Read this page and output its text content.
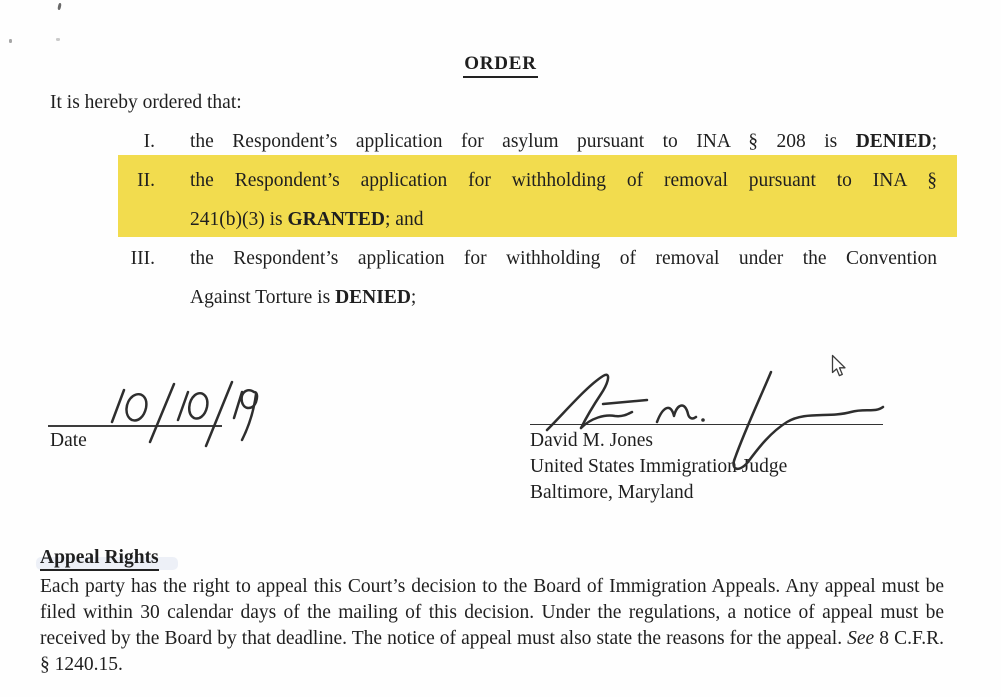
ORDER
It is hereby ordered that:
I. the Respondent’s application for asylum pursuant to INA § 208 is DENIED;
II. the Respondent’s application for withholding of removal pursuant to INA §
241(b)(3) is GRANTED; and
III. the Respondent’s application for withholding of removal under the Convention
Against Torture is DENIED;
Date	David M. Jones
United States Immigration Judge
Baltimore, Maryland
Appeal Rights
Each party has the right to appeal this Court’s decision to the Board of Immigration Appeals. Any appeal must be filed within 30 calendar days of the mailing of this decision. Under the regulations, a notice of appeal must be received by the Board by that deadline. The notice of appeal must also state the reasons for the appeal. See 8 C.F.R. § 1240.15.
